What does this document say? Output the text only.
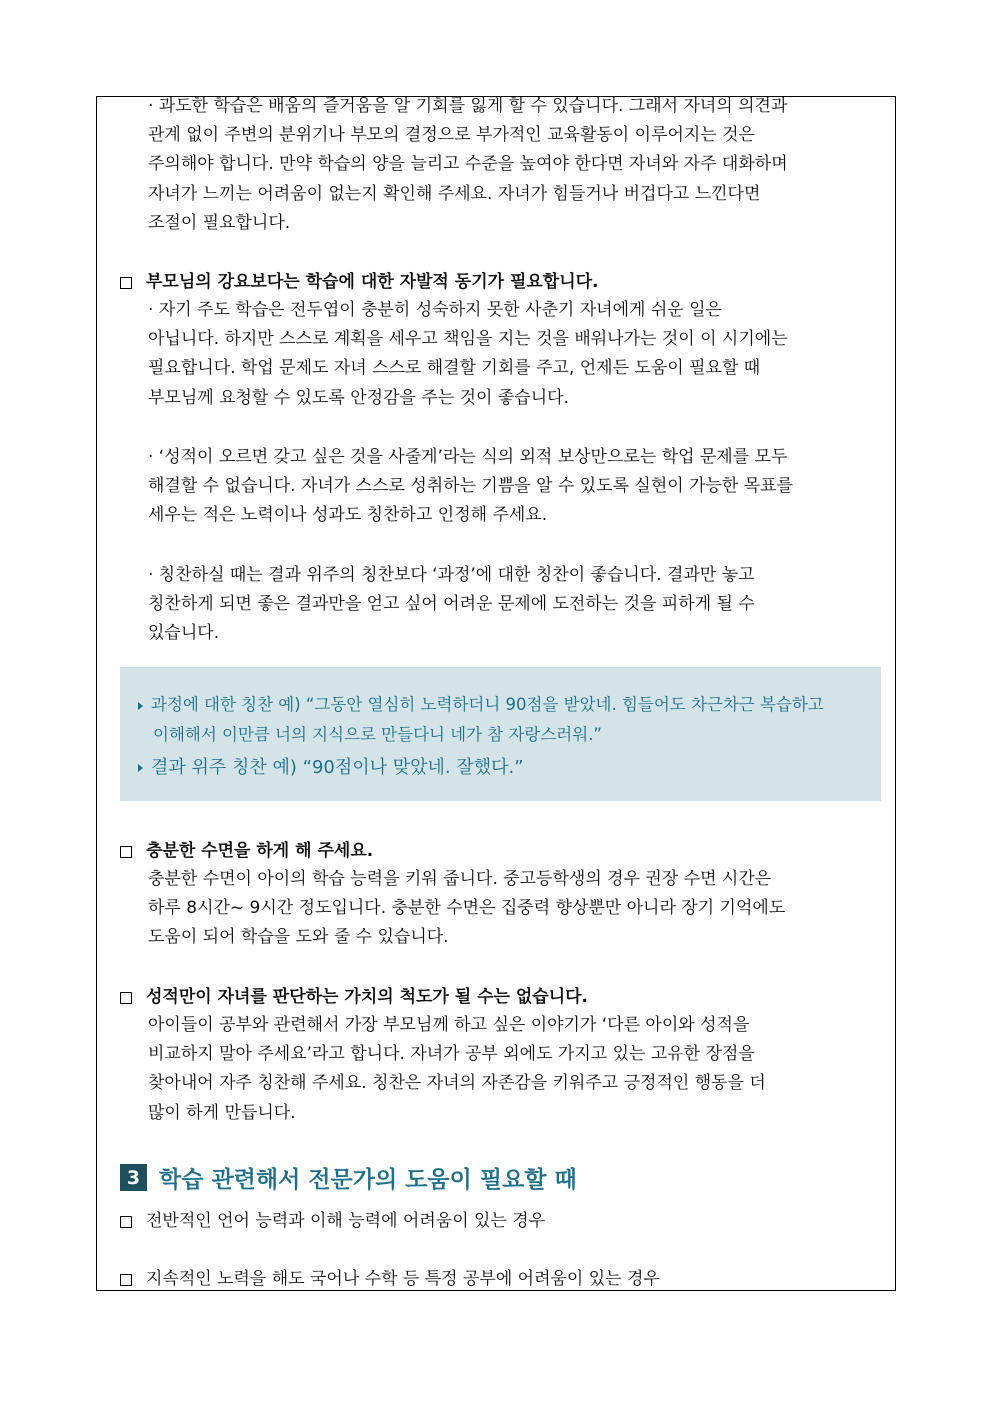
· 과도한 학습은 배움의 즐거움을 알 기회를 잃게 할 수 있습니다. 그래서 자녀의 의견과
관계 없이 주변의 분위기나 부모의 결정으로 부가적인 교육활동이 이루어지는 것은
주의해야 합니다. 만약 학습의 양을 늘리고 수준을 높여야 한다면 자녀와 자주 대화하며
자녀가 느끼는 어려움이 없는지 확인해 주세요. 자녀가 힘들거나 버겁다고 느낀다면
조절이 필요합니다.

부모님의 강요보다는 학습에 대한 자발적 동기가 필요합니다.

· 자기 주도 학습은 전두엽이 충분히 성숙하지 못한 사춘기 자녀에게 쉬운 일은
아닙니다. 하지만 스스로 계획을 세우고 책임을 지는 것을 배워나가는 것이 이 시기에는
필요합니다. 학업 문제도 자녀 스스로 해결할 기회를 주고, 언제든 도움이 필요할 때
부모님께 요청할 수 있도록 안정감을 주는 것이 좋습니다.

· ‘성적이 오르면 갖고 싶은 것을 사줄게’라는 식의 외적 보상만으로는 학업 문제를 모두
해결할 수 없습니다. 자녀가 스스로 성취하는 기쁨을 알 수 있도록 실현이 가능한 목표를
세우는 적은 노력이나 성과도 칭찬하고 인정해 주세요.

· 칭찬하실 때는 결과 위주의 칭찬보다 ‘과정’에 대한 칭찬이 좋습니다. 결과만 놓고
칭찬하게 되면 좋은 결과만을 얻고 싶어 어려운 문제에 도전하는 것을 피하게 될 수
있습니다.

과정에 대한 칭찬 예) “그동안 열심히 노력하더니 90점을 받았네. 힘들어도 차근차근 복습하고
이해해서 이만큼 너의 지식으로 만들다니 네가 참 자랑스러워.”
결과 위주 칭찬 예) “90점이나 맞았네. 잘했다.”
충분한 수면을 하게 해 주세요.

충분한 수면이 아이의 학습 능력을 키워 줍니다. 중고등학생의 경우 권장 수면 시간은
하루 8시간~ 9시간 정도입니다. 충분한 수면은 집중력 향상뿐만 아니라 장기 기억에도
도움이 되어 학습을 도와 줄 수 있습니다.

성적만이 자녀를 판단하는 가치의 척도가 될 수는 없습니다.

아이들이 공부와 관련해서 가장 부모님께 하고 싶은 이야기가 ‘다른 아이와 성적을
비교하지 말아 주세요’라고 합니다. 자녀가 공부 외에도 가지고 있는 고유한 장점을
찾아내어 자주 칭찬해 주세요. 칭찬은 자녀의 자존감을 키워주고 긍정적인 행동을 더
많이 하게 만듭니다.

3 학습 관련해서 전문가의 도움이 필요할 때
전반적인 언어 능력과 이해 능력에 어려움이 있는 경우
지속적인 노력을 해도 국어나 수학 등 특정 공부에 어려움이 있는 경우
